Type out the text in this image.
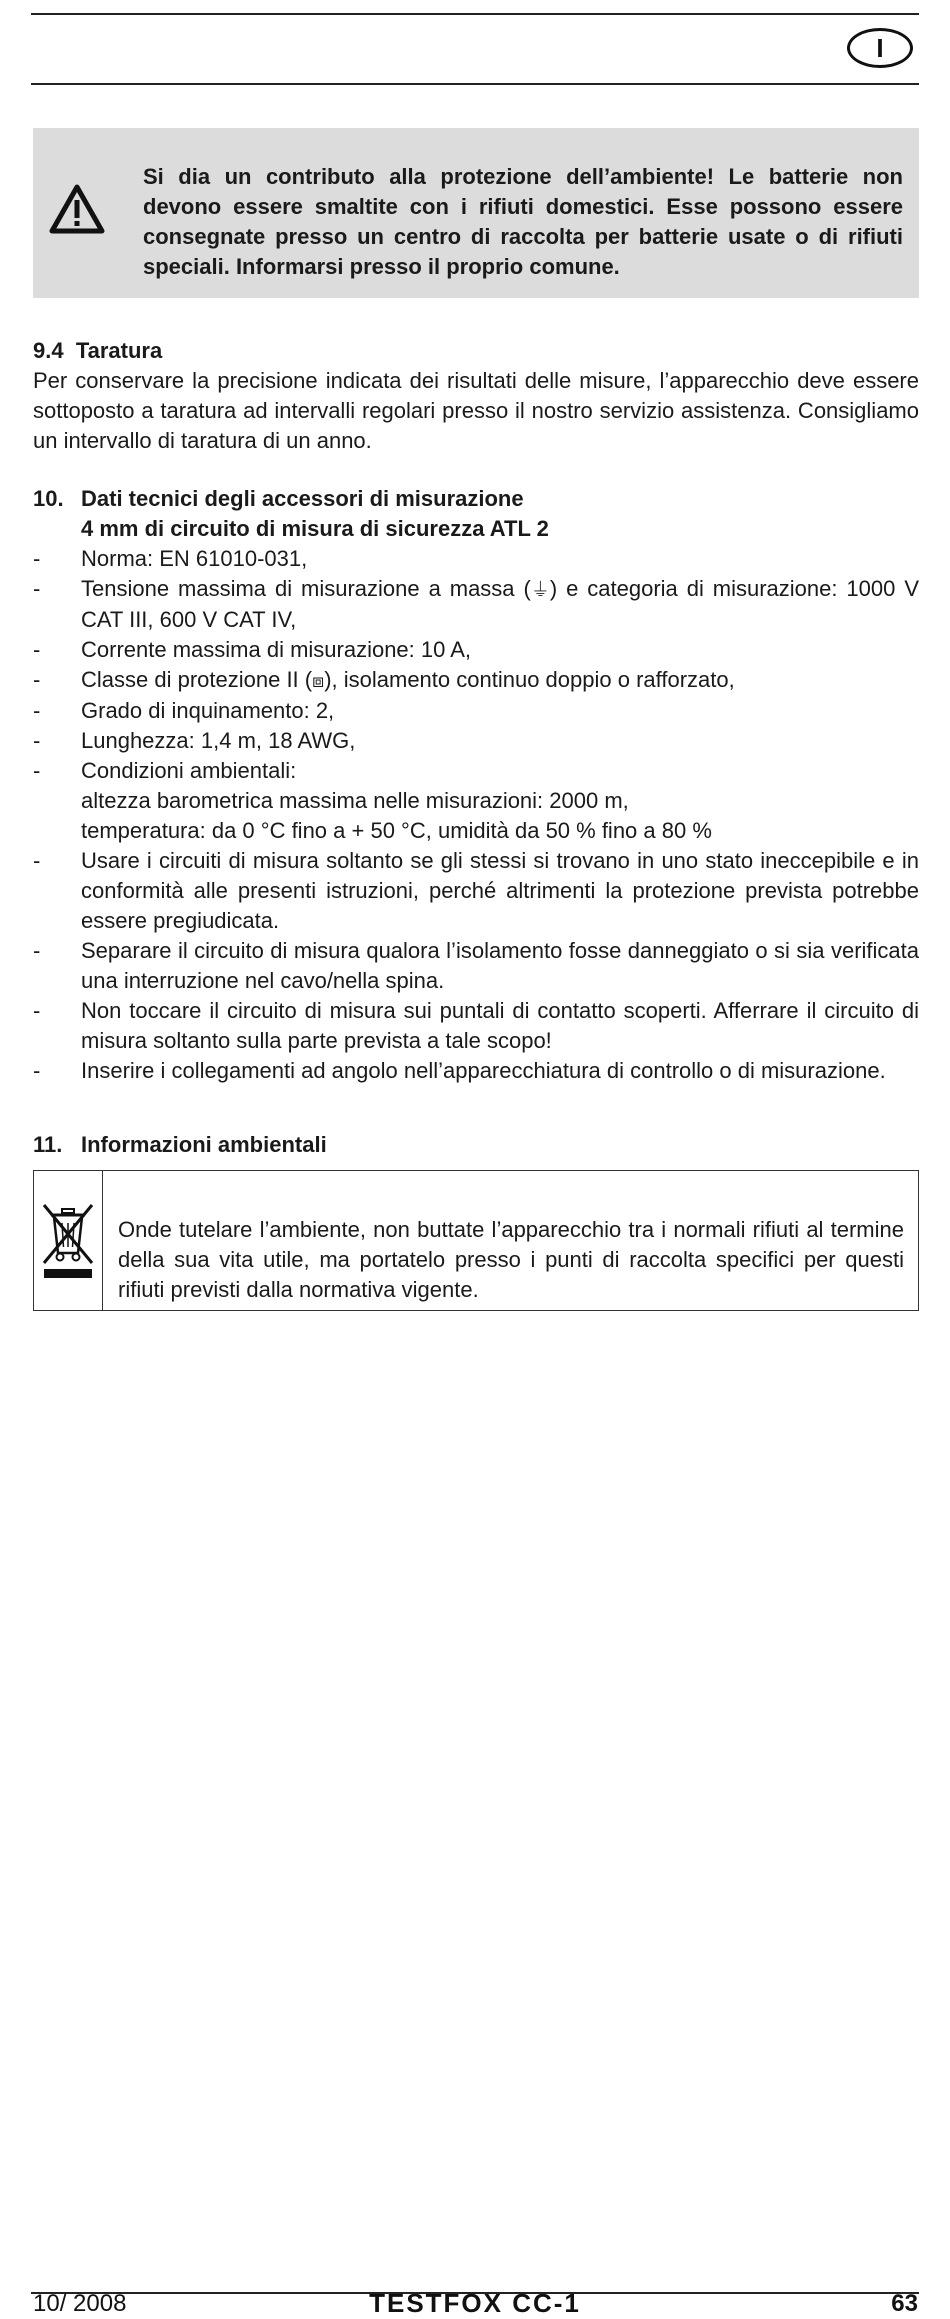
I

Si dia un contributo alla protezione dell’ambiente! Le batterie non devono essere smaltite con i rifiuti domestici. Esse possono essere consegnate presso un centro di raccolta per batterie usate o di rifiuti speciali. Informarsi presso il proprio comune.

9.4 Taratura

Per conservare la precisione indicata dei risultati delle misure, l’apparecchio deve essere sottoposto a taratura ad intervalli regolari presso il nostro servizio assistenza. Consigliamo un intervallo di taratura di un anno.

10. Dati tecnici degli accessori di misurazione
4 mm di circuito di misura di sicurezza ATL 2
-	Norma: EN 61010-031,
-	Tensione massima di misurazione a massa (⏚) e categoria di misurazione: 1000 V CAT III, 600 V CAT IV,
-	Corrente massima di misurazione: 10 A,
-	Classe di protezione II (⧈), isolamento continuo doppio o rafforzato,
-	Grado di inquinamento: 2,
-	Lunghezza: 1,4 m, 18 AWG,
-	Condizioni ambientali:
altezza barometrica massima nelle misurazioni: 2000 m,
temperatura: da 0 °C fino a + 50 °C, umidità da 50 % fino a 80 %
-	Usare i circuiti di misura soltanto se gli stessi si trovano in uno stato ineccepibile e in conformità alle presenti istruzioni, perché altrimenti la protezione prevista potrebbe essere pregiudicata.
-	Separare il circuito di misura qualora l’isolamento fosse danneggiato o si sia verificata una interruzione nel cavo/nella spina.
-	Non toccare il circuito di misura sui puntali di contatto scoperti. Afferrare il circuito di misura soltanto sulla parte prevista a tale scopo!
-	Inserire i collegamenti ad angolo nell’apparecchiatura di controllo o di misurazione.
11. Informazioni ambientali

Onde tutelare l’ambiente, non buttate l’apparecchio tra i normali rifiuti al termine della sua vita utile, ma portatelo presso i punti di raccolta specifici per questi rifiuti previsti dalla normativa vigente.

10/ 2008	TESTFOX CC-1	63
